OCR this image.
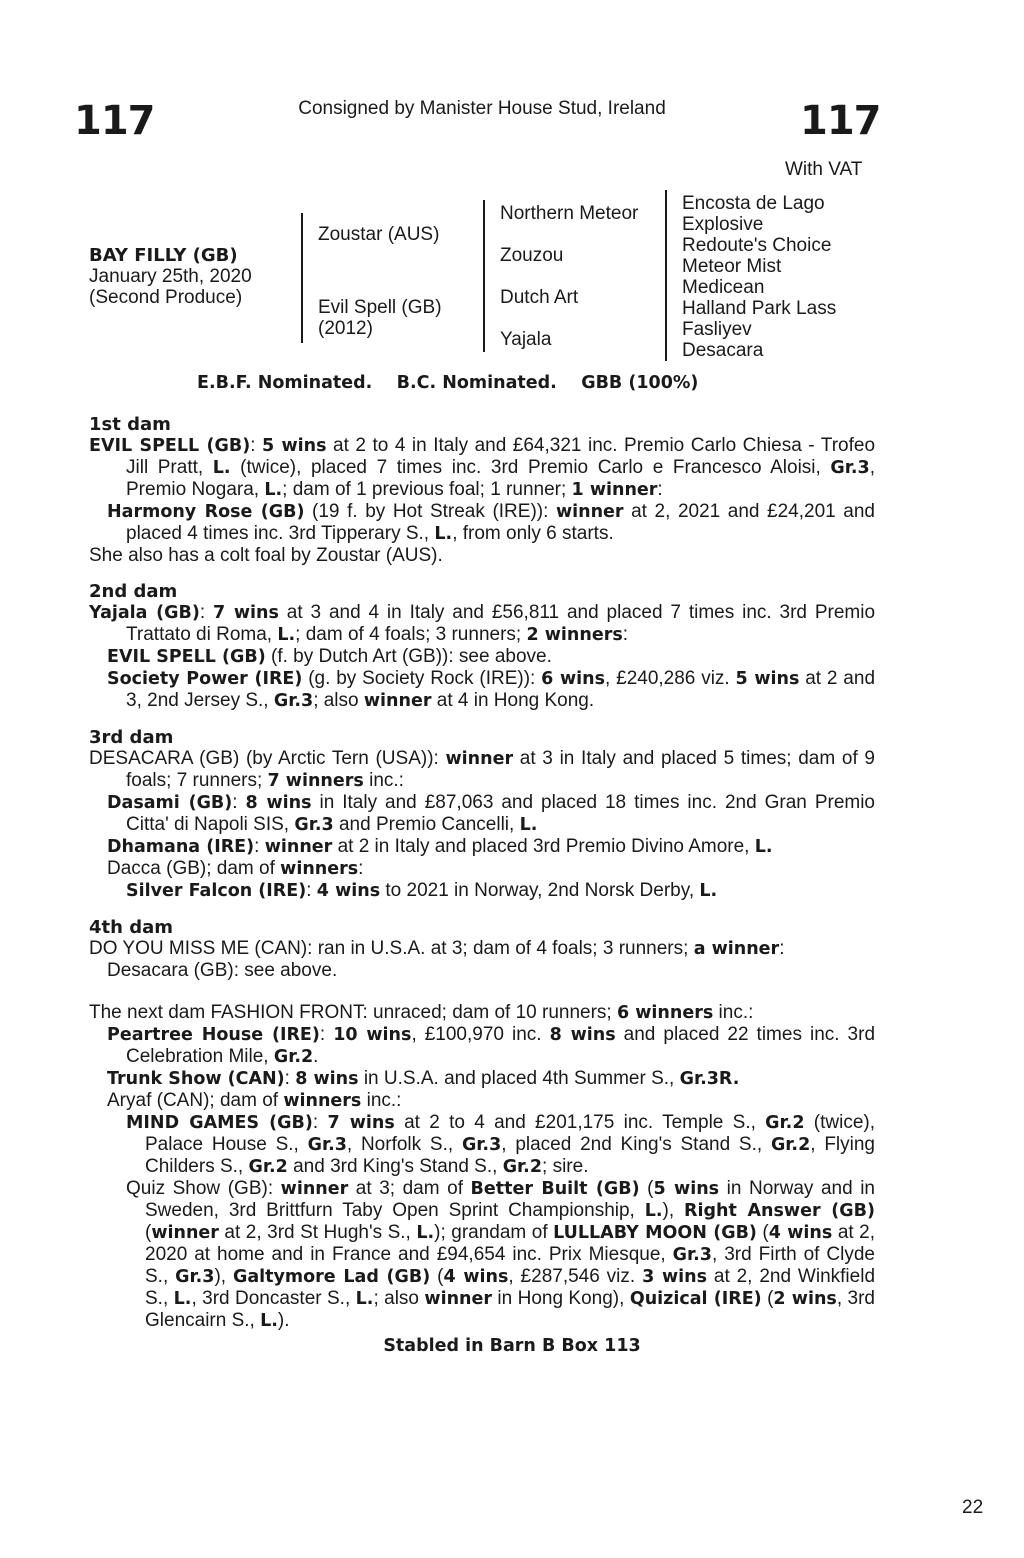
117	Consigned by Manister House Stud, Ireland	117
With VAT
BAY FILLY (GB)
January 25th, 2020
(Second Produce)
Zoustar (AUS)
Evil Spell (GB)
(2012)
Northern Meteor
Zouzou
Dutch Art
Yajala
Encosta de Lago
Explosive
Redoute's Choice
Meteor Mist
Medicean
Halland Park Lass
Fasliyev
Desacara
E.B.F. Nominated. B.C. Nominated. GBB (100%)
1st dam
EVIL SPELL (GB): 5 wins at 2 to 4 in Italy and £64,321 inc. Premio Carlo Chiesa - Trofeo Jill Pratt, L. (twice), placed 7 times inc. 3rd Premio Carlo e Francesco Aloisi, Gr.3, Premio Nogara, L.; dam of 1 previous foal; 1 runner; 1 winner:
Harmony Rose (GB) (19 f. by Hot Streak (IRE)): winner at 2, 2021 and £24,201 and placed 4 times inc. 3rd Tipperary S., L., from only 6 starts.
She also has a colt foal by Zoustar (AUS).
2nd dam
Yajala (GB): 7 wins at 3 and 4 in Italy and £56,811 and placed 7 times inc. 3rd Premio Trattato di Roma, L.; dam of 4 foals; 3 runners; 2 winners:
EVIL SPELL (GB) (f. by Dutch Art (GB)): see above.
Society Power (IRE) (g. by Society Rock (IRE)): 6 wins, £240,286 viz. 5 wins at 2 and 3, 2nd Jersey S., Gr.3; also winner at 4 in Hong Kong.
3rd dam
DESACARA (GB) (by Arctic Tern (USA)): winner at 3 in Italy and placed 5 times; dam of 9 foals; 7 runners; 7 winners inc.:
Dasami (GB): 8 wins in Italy and £87,063 and placed 18 times inc. 2nd Gran Premio Citta' di Napoli SIS, Gr.3 and Premio Cancelli, L.
Dhamana (IRE): winner at 2 in Italy and placed 3rd Premio Divino Amore, L.
Dacca (GB); dam of winners:
Silver Falcon (IRE): 4 wins to 2021 in Norway, 2nd Norsk Derby, L.
4th dam
DO YOU MISS ME (CAN): ran in U.S.A. at 3; dam of 4 foals; 3 runners; a winner:
Desacara (GB): see above.
The next dam FASHION FRONT: unraced; dam of 10 runners; 6 winners inc.:
Peartree House (IRE): 10 wins, £100,970 inc. 8 wins and placed 22 times inc. 3rd Celebration Mile, Gr.2.
Trunk Show (CAN): 8 wins in U.S.A. and placed 4th Summer S., Gr.3R.
Aryaf (CAN); dam of winners inc.:
MIND GAMES (GB): 7 wins at 2 to 4 and £201,175 inc. Temple S., Gr.2 (twice), Palace House S., Gr.3, Norfolk S., Gr.3, placed 2nd King's Stand S., Gr.2, Flying Childers S., Gr.2 and 3rd King's Stand S., Gr.2; sire.
Quiz Show (GB): winner at 3; dam of Better Built (GB) (5 wins in Norway and in Sweden, 3rd Brittfurn Taby Open Sprint Championship, L.), Right Answer (GB) (winner at 2, 3rd St Hugh's S., L.); grandam of LULLABY MOON (GB) (4 wins at 2, 2020 at home and in France and £94,654 inc. Prix Miesque, Gr.3, 3rd Firth of Clyde S., Gr.3), Galtymore Lad (GB) (4 wins, £287,546 viz. 3 wins at 2, 2nd Winkfield S., L., 3rd Doncaster S., L.; also winner in Hong Kong), Quizical (IRE) (2 wins, 3rd Glencairn S., L.).
Stabled in Barn B Box 113
22
